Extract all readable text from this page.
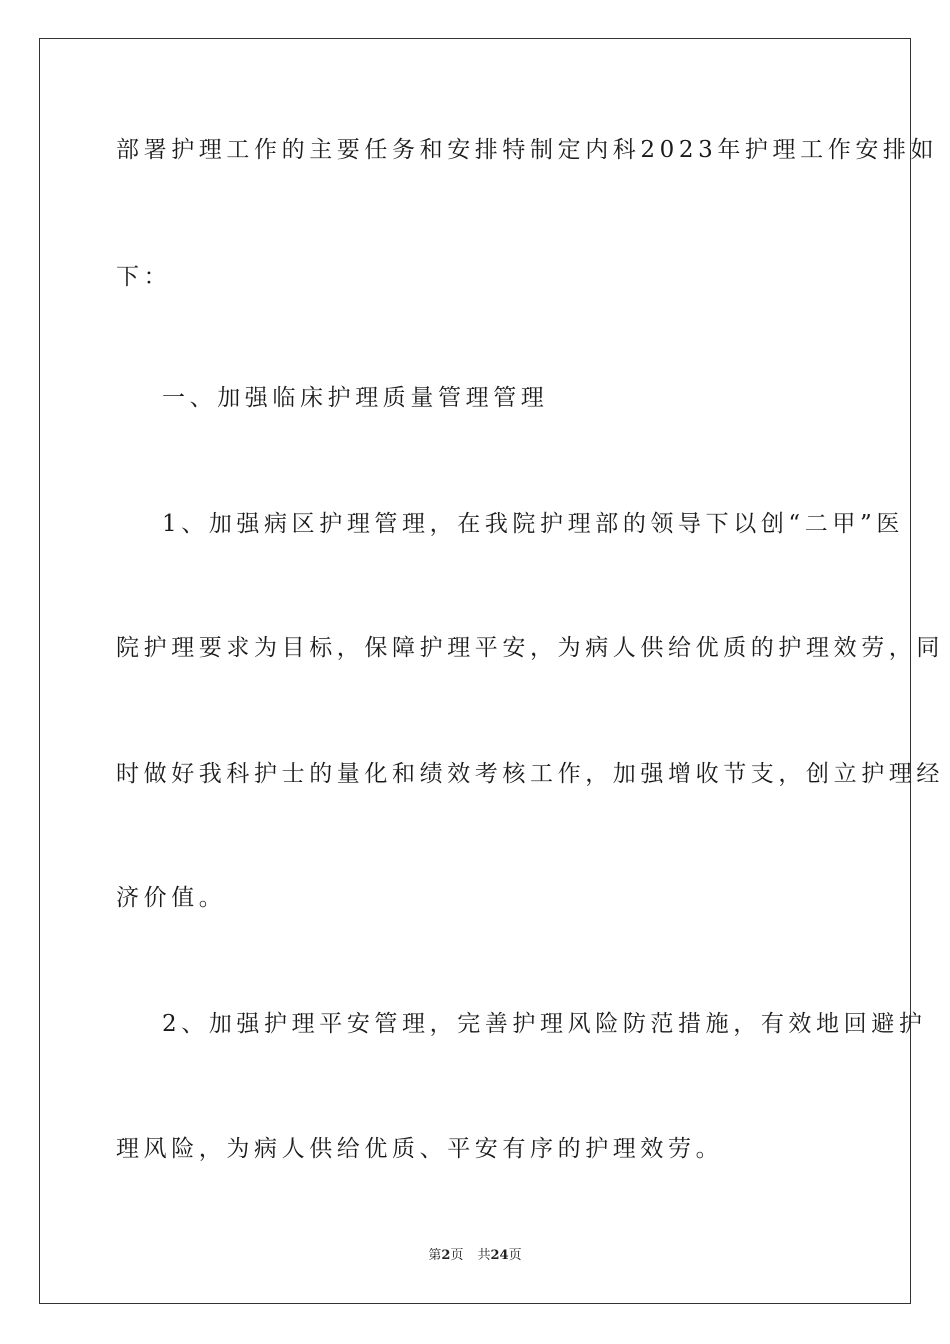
部署护理工作的主要任务和安排特制定内科2023年护理工作安排如
下：
一、加强临床护理质量管理管理
1、加强病区护理管理，在我院护理部的领导下以创“二甲”医
院护理要求为目标，保障护理平安，为病人供给优质的护理效劳，同
时做好我科护士的量化和绩效考核工作，加强增收节支，创立护理经
济价值。
2、加强护理平安管理，完善护理风险防范措施，有效地回避护
理风险，为病人供给优质、平安有序的护理效劳。
第2页 共24页
